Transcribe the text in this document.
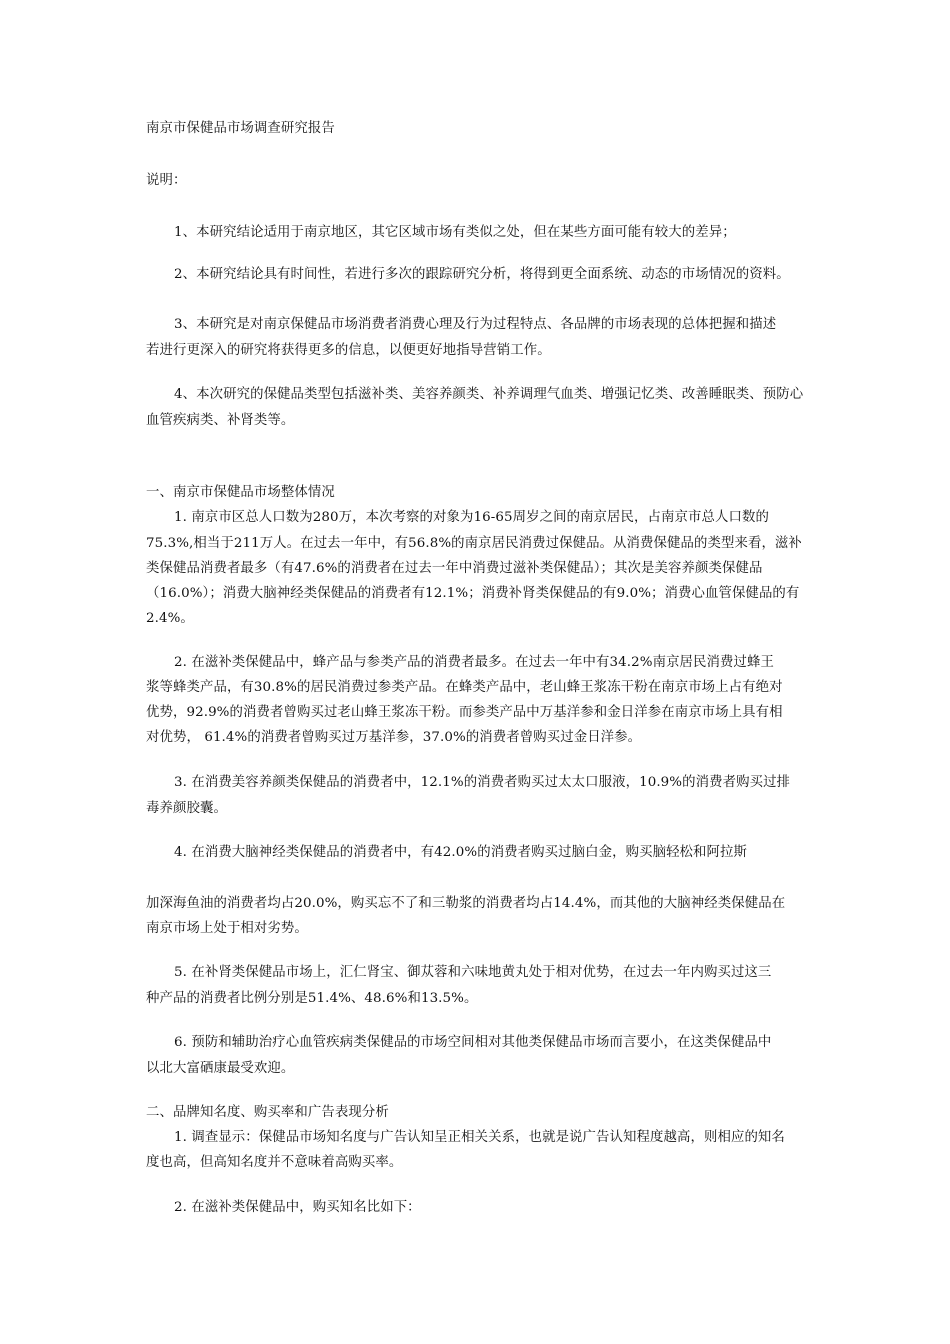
南京市保健品市场调查研究报告
说明：
1、本研究结论适用于南京地区，其它区域市场有类似之处，但在某些方面可能有较大的差异；
2、本研究结论具有时间性，若进行多次的跟踪研究分析，将得到更全面系统、动态的市场情况的资料。
3、本研究是对南京保健品市场消费者消费心理及行为过程特点、各品牌的市场表现的总体把握和描述
若进行更深入的研究将获得更多的信息，以便更好地指导营销工作。
4、本次研究的保健品类型包括滋补类、美容养颜类、补养调理气血类、增强记忆类、改善睡眠类、预防心
血管疾病类、补肾类等。
一、南京市保健品市场整体情况
1. 南京市区总人口数为280万，本次考察的对象为16-65周岁之间的南京居民，占南京市总人口数的
75.3%,相当于211万人。在过去一年中，有56.8%的南京居民消费过保健品。从消费保健品的类型来看，滋补
类保健品消费者最多（有47.6%的消费者在过去一年中消费过滋补类保健品）；其次是美容养颜类保健品
（16.0%）；消费大脑神经类保健品的消费者有12.1%；消费补肾类保健品的有9.0%；消费心血管保健品的有
2.4%。
2. 在滋补类保健品中，蜂产品与参类产品的消费者最多。在过去一年中有34.2%南京居民消费过蜂王
浆等蜂类产品，有30.8%的居民消费过参类产品。在蜂类产品中，老山蜂王浆冻干粉在南京市场上占有绝对
优势，92.9%的消费者曾购买过老山蜂王浆冻干粉。而参类产品中万基洋参和金日洋参在南京市场上具有相
对优势， 61.4%的消费者曾购买过万基洋参，37.0%的消费者曾购买过金日洋参。
3. 在消费美容养颜类保健品的消费者中，12.1%的消费者购买过太太口服液，10.9%的消费者购买过排
毒养颜胶囊。
4. 在消费大脑神经类保健品的消费者中，有42.0%的消费者购买过脑白金，购买脑轻松和阿拉斯
加深海鱼油的消费者均占20.0%，购买忘不了和三勒浆的消费者均占14.4%，而其他的大脑神经类保健品在
南京市场上处于相对劣势。
5. 在补肾类保健品市场上，汇仁肾宝、御苁蓉和六味地黄丸处于相对优势，在过去一年内购买过这三
种产品的消费者比例分别是51.4%、48.6%和13.5%。
6. 预防和辅助治疗心血管疾病类保健品的市场空间相对其他类保健品市场而言要小，在这类保健品中
以北大富硒康最受欢迎。
二、品牌知名度、购买率和广告表现分析
1. 调查显示：保健品市场知名度与广告认知呈正相关关系，也就是说广告认知程度越高，则相应的知名
度也高，但高知名度并不意味着高购买率。
2. 在滋补类保健品中，购买知名比如下：
